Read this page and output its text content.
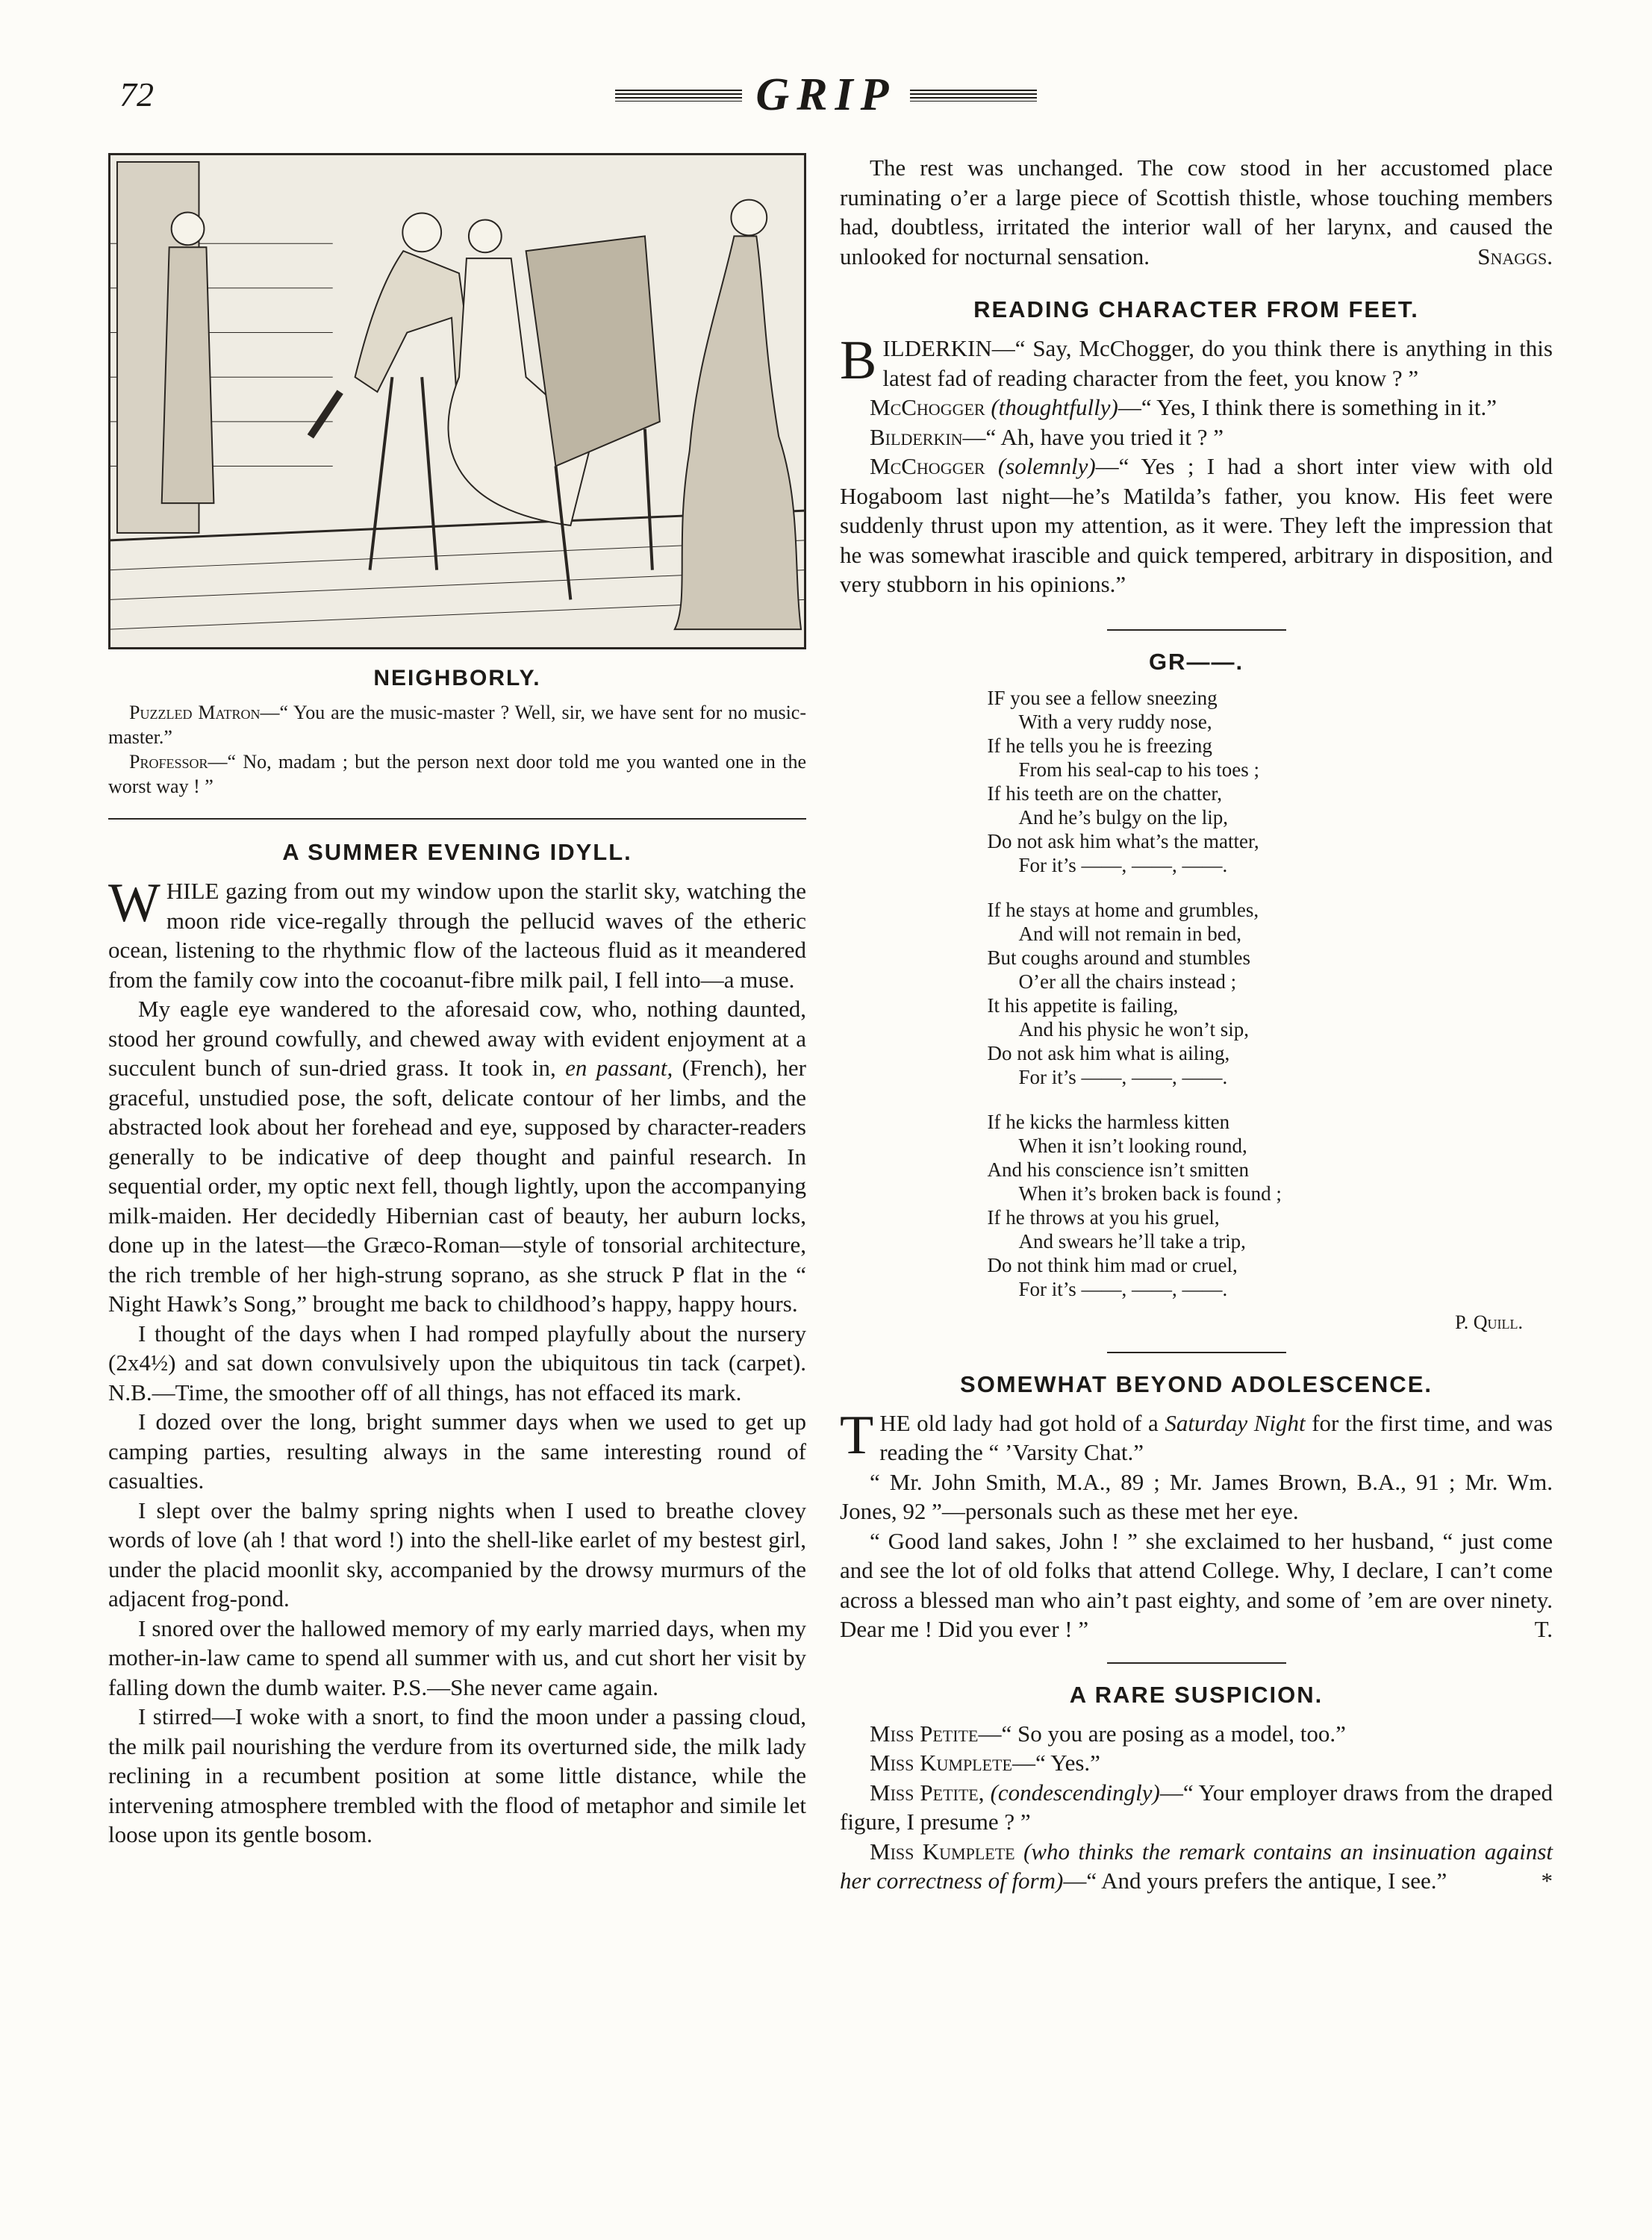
72	GRIP
NEIGHBORLY.

Puzzled Matron—“ You are the music-master ? Well, sir, we have sent for no music-master.”

Professor—“ No, madam ; but the person next door told me you wanted one in the worst way ! ”

A SUMMER EVENING IDYLL.

WHILE gazing from out my window upon the starlit sky, watching the moon ride vice-regally through the pellucid waves of the etheric ocean, listening to the rhythmic flow of the lacteous fluid as it meandered from the family cow into the cocoanut-fibre milk pail, I fell into—a muse.

My eagle eye wandered to the aforesaid cow, who, nothing daunted, stood her ground cowfully, and chewed away with evident enjoyment at a succulent bunch of sun-dried grass. It took in, en passant, (French), her graceful, unstudied pose, the soft, delicate contour of her limbs, and the abstracted look about her forehead and eye, supposed by character-readers generally to be indicative of deep thought and painful research. In sequential order, my optic next fell, though lightly, upon the accompanying milk-maiden. Her decidedly Hibernian cast of beauty, her auburn locks, done up in the latest—the Græco-Roman—style of tonsorial architecture, the rich tremble of her high-strung soprano, as she struck P flat in the “ Night Hawk’s Song,” brought me back to childhood’s happy, happy hours.

I thought of the days when I had romped playfully about the nursery (2x4½) and sat down convulsively upon the ubiquitous tin tack (carpet). N.B.—Time, the smoother off of all things, has not effaced its mark.

I dozed over the long, bright summer days when we used to get up camping parties, resulting always in the same interesting round of casualties.

I slept over the balmy spring nights when I used to breathe clovey words of love (ah ! that word !) into the shell-like earlet of my bestest girl, under the placid moonlit sky, accompanied by the drowsy murmurs of the adjacent frog-pond.

I snored over the hallowed memory of my early married days, when my mother-in-law came to spend all summer with us, and cut short her visit by falling down the dumb waiter. P.S.—She never came again.

I stirred—I woke with a snort, to find the moon under a passing cloud, the milk pail nourishing the verdure from its overturned side, the milk lady reclining in a recumbent position at some little distance, while the intervening atmosphere trembled with the flood of metaphor and simile let loose upon its gentle bosom.

The rest was unchanged. The cow stood in her accustomed place ruminating o’er a large piece of Scottish thistle, whose touching members had, doubtless, irritated the interior wall of her larynx, and caused the unlooked for nocturnal sensation.	Snaggs.

READING CHARACTER FROM FEET.

BILDERKIN—“ Say, McChogger, do you think there is anything in this latest fad of reading character from the feet, you know ? ”

McChogger (thoughtfully)—“ Yes, I think there is something in it.”

Bilderkin—“ Ah, have you tried it ? ”

McChogger (solemnly)—“ Yes ; I had a short inter view with old Hogaboom last night—he’s Matilda’s father, you know. His feet were suddenly thrust upon my attention, as it were. They left the impression that he was somewhat irascible and quick tempered, arbitrary in disposition, and very stubborn in his opinions.”

GR——.
IF you see a fellow sneezing
With a very ruddy nose,
If he tells you he is freezing
From his seal-cap to his toes ;
If his teeth are on the chatter,
And he’s bulgy on the lip,
Do not ask him what’s the matter,
For it’s ——, ——, ——.
If he stays at home and grumbles,
And will not remain in bed,
But coughs around and stumbles
O’er all the chairs instead ;
It his appetite is failing,
And his physic he won’t sip,
Do not ask him what is ailing,
For it’s ——, ——, ——.
If he kicks the harmless kitten
When it isn’t looking round,
And his conscience isn’t smitten
When it’s broken back is found ;
If he throws at you his gruel,
And swears he’ll take a trip,
Do not think him mad or cruel,
For it’s ——, ——, ——.
P. Quill.
SOMEWHAT BEYOND ADOLESCENCE.

THE old lady had got hold of a Saturday Night for the first time, and was reading the “ ’Varsity Chat.”

“ Mr. John Smith, M.A., 89 ; Mr. James Brown, B.A., 91 ; Mr. Wm. Jones, 92 ”—personals such as these met her eye.

“ Good land sakes, John ! ” she exclaimed to her husband, “ just come and see the lot of old folks that attend College. Why, I declare, I can’t come across a blessed man who ain’t past eighty, and some of ’em are over ninety. Dear me ! Did you ever ! ”	T.

A RARE SUSPICION.

Miss Petite—“ So you are posing as a model, too.”

Miss Kumplete—“ Yes.”

Miss Petite, (condescendingly)—“ Your employer draws from the draped figure, I presume ? ”

Miss Kumplete (who thinks the remark contains an insinuation against her correctness of form)—“ And yours prefers the antique, I see.”	*
